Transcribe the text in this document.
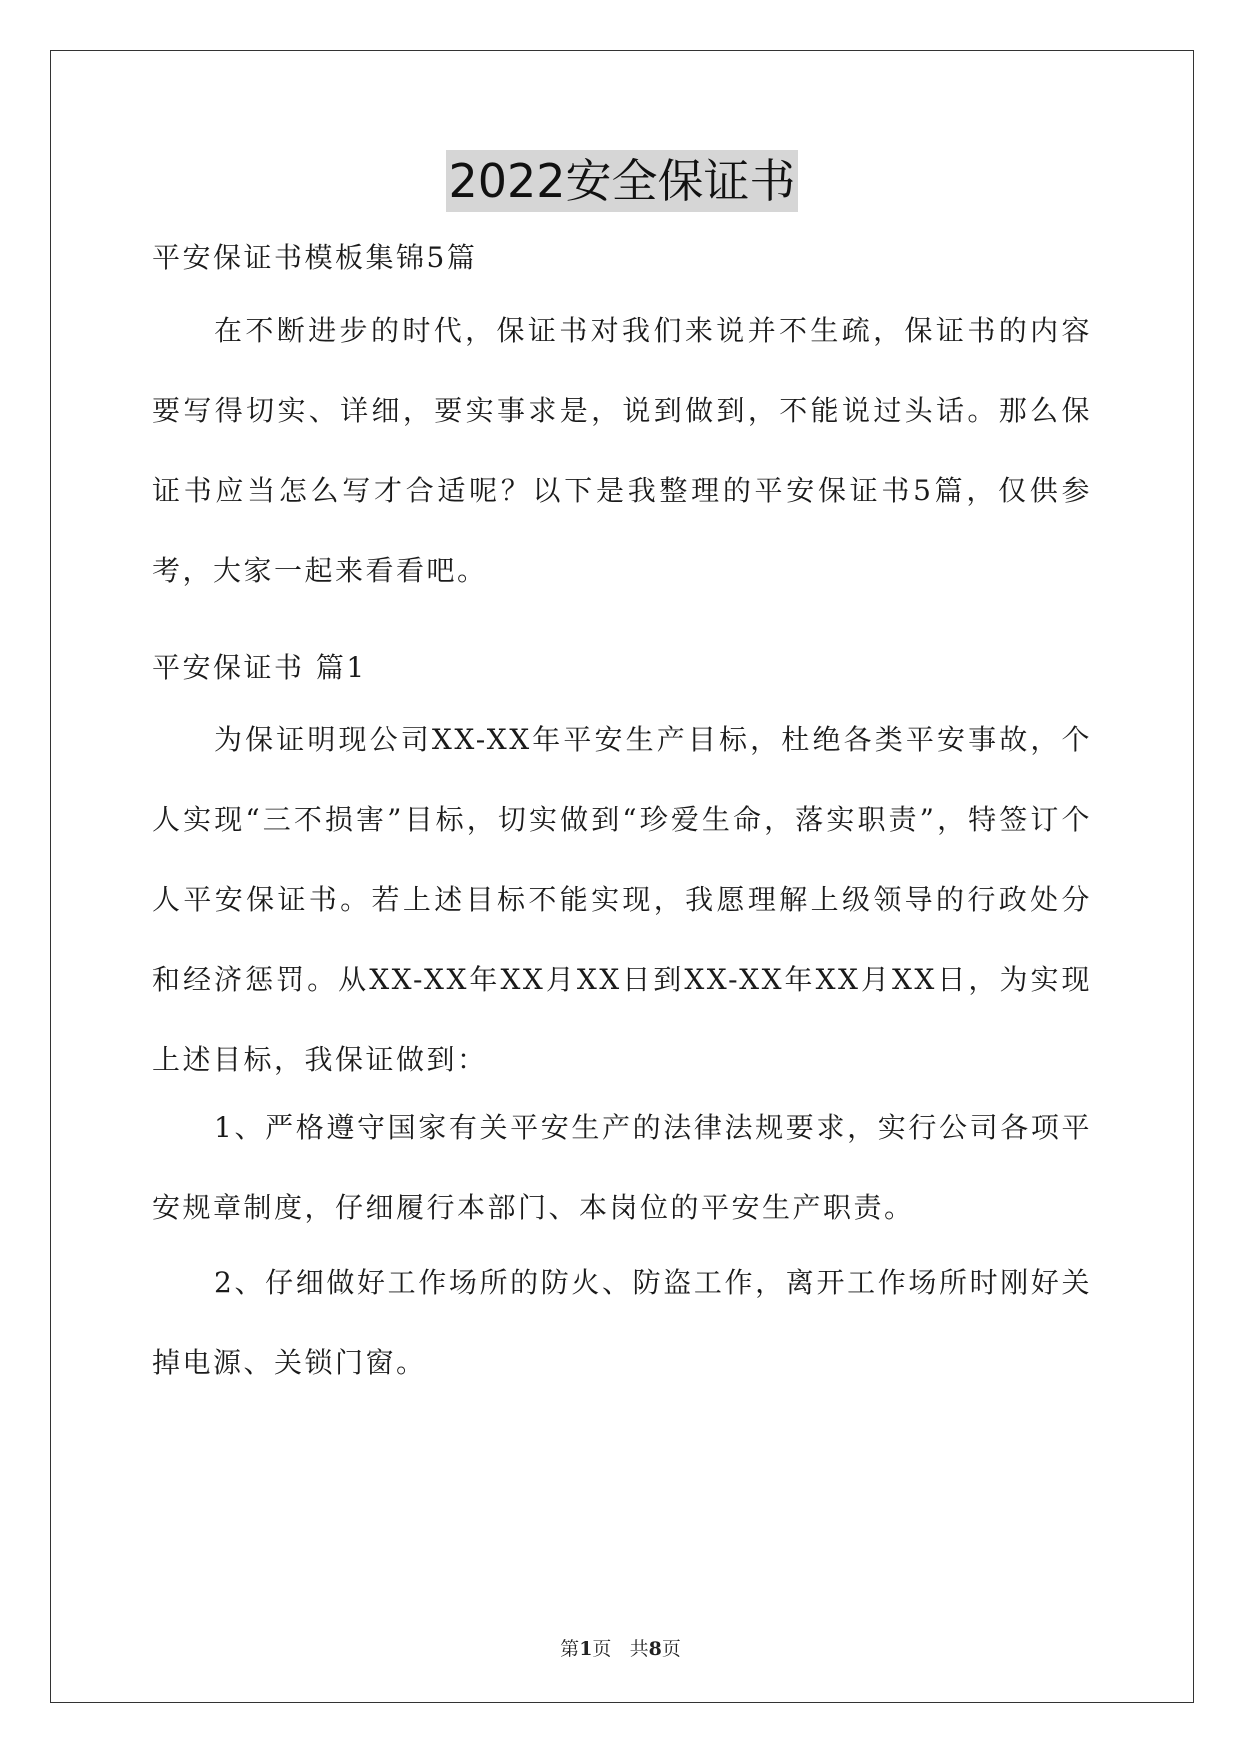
2022安全保证书

平安保证书模板集锦5篇

在不断进步的时代，保证书对我们来说并不生疏，保证书的内容要写得切实、详细，要实事求是，说到做到，不能说过头话。那么保证书应当怎么写才合适呢？以下是我整理的平安保证书5篇，仅供参考，大家一起来看看吧。

平安保证书 篇1

为保证明现公司XX-XX年平安生产目标，杜绝各类平安事故，个人实现“三不损害”目标，切实做到“珍爱生命，落实职责”，特签订个人平安保证书。若上述目标不能实现，我愿理解上级领导的行政处分和经济惩罚。从XX-XX年XX月XX日到XX-XX年XX月XX日，为实现上述目标，我保证做到：

1、严格遵守国家有关平安生产的法律法规要求，实行公司各项平安规章制度，仔细履行本部门、本岗位的平安生产职责。

2、仔细做好工作场所的防火、防盗工作，离开工作场所时刚好关掉电源、关锁门窗。

第1页 共8页
